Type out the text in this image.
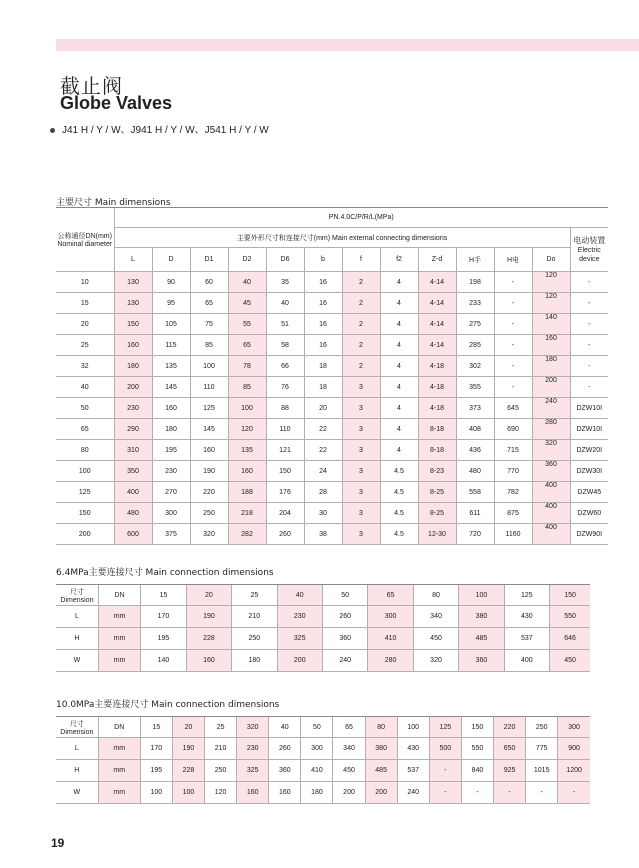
截止阀
Globe Valves
J41 H / Y / W、J941 H / Y / W、J541 H / Y / W
主要尺寸 Main dimensions
公称通径DN(mm)
Nominal diameter	PN.4.0C/P/R/L(MPa)												
	主要外形尺寸和连接尺寸(mm) Main external connecting dimensions												电动装置
Electric device

	L	D	D1	D2	D6	b	f	f2	Z-d	H手	H电	Do	
10	130	90	60	40	35	16	2	4	4-14	198	-	120	-
15	130	95	65	45	40	16	2	4	4-14	233	-	120	-
20	150	105	75	55	51	16	2	4	4-14	275	-	140	-
25	160	115	85	65	58	16	2	4	4-14	285	-	160	-
32	180	135	100	78	66	18	2	4	4-18	302	-	180	-
40	200	145	110	85	76	18	3	4	4-18	355	-	200	-
50	230	160	125	100	88	20	3	4	4-18	373	645	240	DZW10I
65	290	180	145	120	110	22	3	4	8-18	408	690	280	DZW10I
80	310	195	160	135	121	22	3	4	8-18	436	715	320	DZW20I
100	350	230	190	160	150	24	3	4.5	8-23	480	770	360	DZW30I
125	400	270	220	188	176	28	3	4.5	8-25	558	782	400	DZW45
150	480	300	250	218	204	30	3	4.5	8-25	611	875	400	DZW60
200	600	375	320	282	260	38	3	4.5	12-30	720	1160	400	DZW90I
6.4MPa主要连接尺寸 Main connection dimensions
尺寸
Dimension	DN	15	20	25	40	50	65	80	100	125	150
L	mm	170	190	210	230	260	300	340	380	430	550
H	mm	195	228	250	325	360	410	450	485	537	646
W	mm	140	160	180	200	240	280	320	360	400	450
10.0MPa主要连接尺寸 Main connection dimensions
尺寸
Dimension	DN	15	20	25	320	40	50	65	80	100	125	150	220	250	300
L	mm	170	190	210	230	260	300	340	380	430	500	550	650	775	900
H	mm	195	228	250	325	360	410	450	485	537	-	840	925	1015	1200
W	mm	100	100	120	160	160	180	200	200	240	-	-	-	-	-
19
